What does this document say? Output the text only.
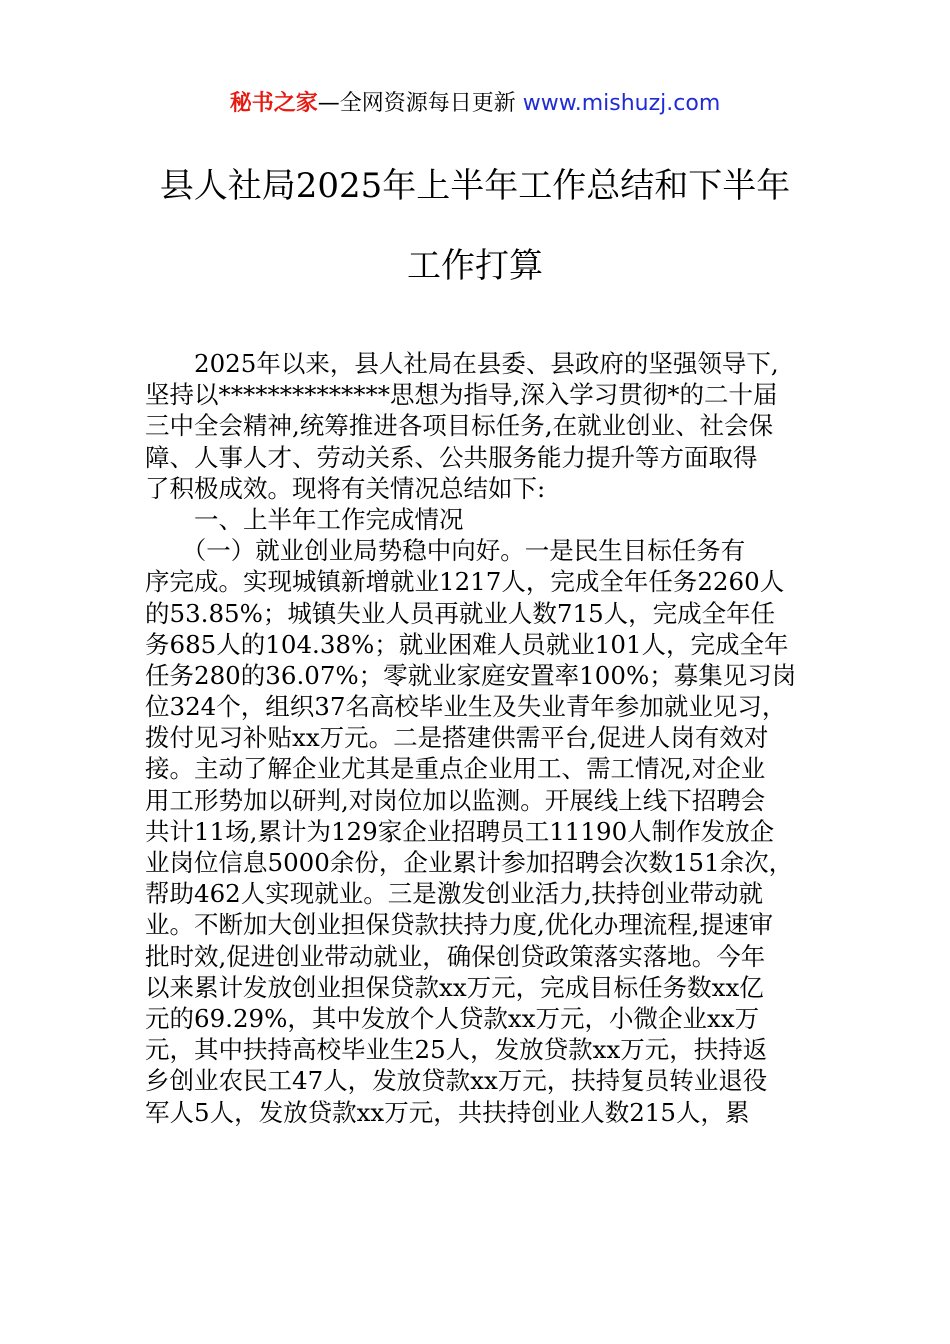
秘书之家—全网资源每日更新 www.mishuzj.com
县人社局2025年上半年工作总结和下半年
工作打算
　　2025年以来，县人社局在县委、县政府的坚强领导下,
坚持以**************思想为指导,深入学习贯彻*的二十届
三中全会精神,统筹推进各项目标任务,在就业创业、社会保
障、人事人才、劳动关系、公共服务能力提升等方面取得
了积极成效。现将有关情况总结如下:
　　一、上半年工作完成情况
　　（一）就业创业局势稳中向好。一是民生目标任务有
序完成。实现城镇新增就业1217人，完成全年任务2260人
的53.85%；城镇失业人员再就业人数715人，完成全年任
务685人的104.38%；就业困难人员就业101人，完成全年
任务280的36.07%；零就业家庭安置率100%；募集见习岗
位324个，组织37名高校毕业生及失业青年参加就业见习，
拨付见习补贴xx万元。二是搭建供需平台,促进人岗有效对
接。主动了解企业尤其是重点企业用工、需工情况,对企业
用工形势加以研判,对岗位加以监测。开展线上线下招聘会
共计11场,累计为129家企业招聘员工11190人制作发放企
业岗位信息5000余份，企业累计参加招聘会次数151余次，
帮助462人实现就业。三是激发创业活力,扶持创业带动就
业。不断加大创业担保贷款扶持力度,优化办理流程,提速审
批时效,促进创业带动就业，确保创贷政策落实落地。今年
以来累计发放创业担保贷款xx万元，完成目标任务数xx亿
元的69.29%，其中发放个人贷款xx万元，小微企业xx万
元，其中扶持高校毕业生25人，发放贷款xx万元，扶持返
乡创业农民工47人，发放贷款xx万元，扶持复员转业退役
军人5人，发放贷款xx万元，共扶持创业人数215人，累
